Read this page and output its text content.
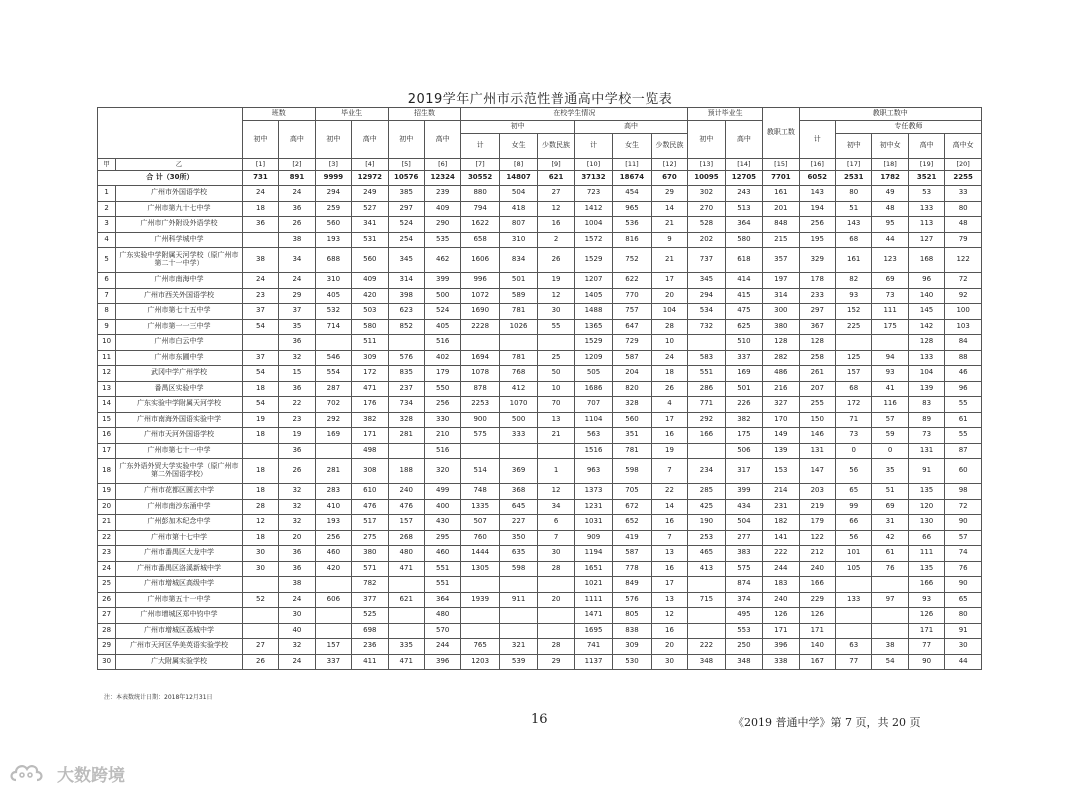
2019学年广州市示范性普通高中学校一览表
		班数		毕业生		招生数		在校学生情况						预计毕业生		教职工数	教职工数中				
		初中	高中	初中	高中	初中	高中	初中			高中			初中	高中		计	专任教师			
								计	女生	少数民族	计	女生	少数民族					初中	初中女	高中	高中女
甲	乙	[1]	[2]	[3]	[4]	[5]	[6]	[7]	[8]	[9]	[10]	[11]	[12]	[13]	[14]	[15]	[16]	[17]	[18]	[19]	[20]
合 计（30所）		731	891	9999	12972	10576	12324	30552	14807	621	37132	18674	670	10095	12705	7701	6052	2531	1782	3521	2255
1	广州市外国语学校	24	24	294	249	385	239	880	504	27	723	454	29	302	243	161	143	80	49	53	33
2	广州市第九十七中学	18	36	259	527	297	409	794	418	12	1412	965	14	270	513	201	194	51	48	133	80
3	广州市广外附设外语学校	36	26	560	341	524	290	1622	807	16	1004	536	21	528	364	848	256	143	95	113	48
4	广州科学城中学		38	193	531	254	535	658	310	2	1572	816	9	202	580	215	195	68	44	127	79
5	广东实验中学附属天河学校（原广州市第二十一中学）	38	34	688	560	345	462	1606	834	26	1529	752	21	737	618	357	329	161	123	168	122
6	广州市南海中学	24	24	310	409	314	399	996	501	19	1207	622	17	345	414	197	178	82	69	96	72
7	广州市西关外国语学校	23	29	405	420	398	500	1072	589	12	1405	770	20	294	415	314	233	93	73	140	92
8	广州市第七十五中学	37	37	532	503	623	524	1690	781	30	1488	757	104	534	475	300	297	152	111	145	100
9	广州市第一一三中学	54	35	714	580	852	405	2228	1026	55	1365	647	28	732	625	380	367	225	175	142	103
10	广州市白云中学		36		511		516				1529	729	10		510	128	128			128	84
11	广州市东圃中学	37	32	546	309	576	402	1694	781	25	1209	587	24	583	337	282	258	125	94	133	88
12	武冈中学广州学校	54	15	554	172	835	179	1078	768	50	505	204	18	551	169	486	261	157	93	104	46
13	番禺区实验中学	18	36	287	471	237	550	878	412	10	1686	820	26	286	501	216	207	68	41	139	96
14	广东实验中学附属天河学校	54	22	702	176	734	256	2253	1070	70	707	328	4	771	226	327	255	172	116	83	55
15	广州市南海外国语实验中学	19	23	292	382	328	330	900	500	13	1104	560	17	292	382	170	150	71	57	89	61
16	广州市天河外国语学校	18	19	169	171	281	210	575	333	21	563	351	16	166	175	149	146	73	59	73	55
17	广州市第七十一中学		36		498		516				1516	781	19		506	139	131	0	0	131	87
18	广东外语外贸大学实验中学（原广州市第二外国语学校）	18	26	281	308	188	320	514	369	1	963	598	7	234	317	153	147	56	35	91	60
19	广州市花都区圆玄中学	18	32	283	610	240	499	748	368	12	1373	705	22	285	399	214	203	65	51	135	98
20	广州市南沙东涌中学	28	32	410	476	476	400	1335	645	34	1231	672	14	425	434	231	219	99	69	120	72
21	广州彭加木纪念中学	12	32	193	517	157	430	507	227	6	1031	652	16	190	504	182	179	66	31	130	90
22	广州市第十七中学	18	20	256	275	268	295	760	350	7	909	419	7	253	277	141	122	56	42	66	57
23	广州市番禺区大龙中学	30	36	460	380	480	460	1444	635	30	1194	587	13	465	383	222	212	101	61	111	74
24	广州市番禺区洛溪新城中学	30	36	420	571	471	551	1305	598	28	1651	778	16	413	575	244	240	105	76	135	76
25	广州市增城区高级中学		38		782		551				1021	849	17		874	183	166			166	90
26	广州市第五十一中学	52	24	606	377	621	364	1939	911	20	1111	576	13	715	374	240	229	133	97	93	65
27	广州市增城区郑中钧中学		30		525		480				1471	805	12		495	126	126			126	80
28	广州市增城区荔城中学		40		698		570				1695	838	16		553	171	171			171	91
29	广州市天河区华美英语实验学校	27	32	157	236	335	244	765	321	28	741	309	20	222	250	396	140	63	38	77	30
30	广大附属实验学校	26	24	337	411	471	396	1203	539	29	1137	530	30	348	348	338	167	77	54	90	44
注：本表数统计日期：2018年12月31日
16	《2019 普通中学》第 7 页，共 20 页
大数跨境
